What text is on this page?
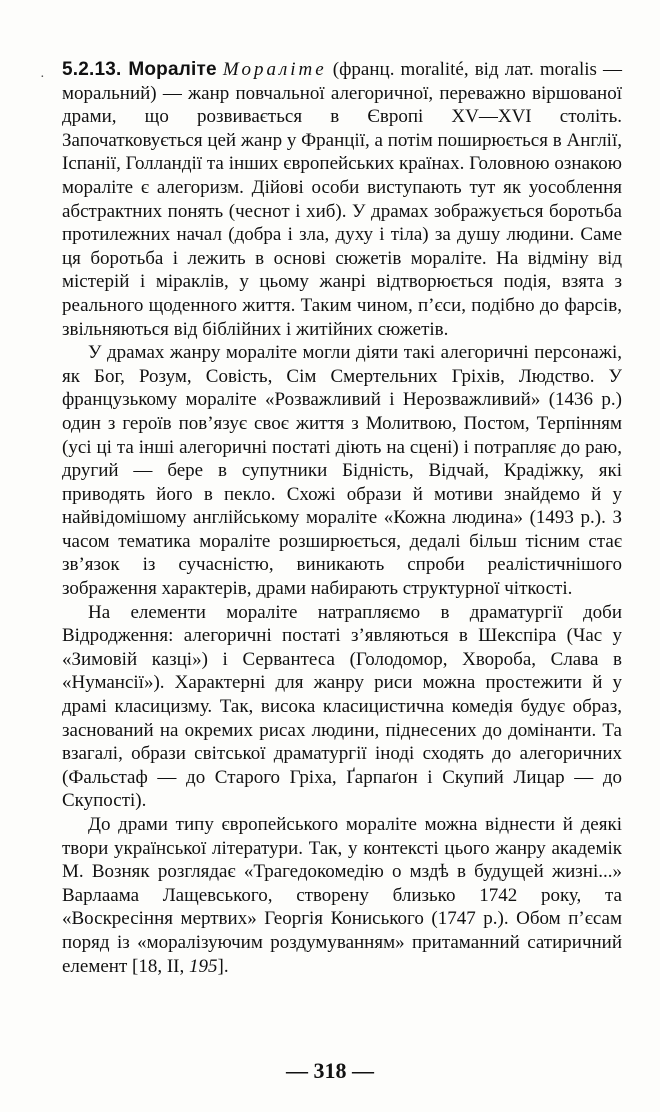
· 5.2.13. Мораліте Мораліте (франц. moralité, від лат. moralis — моральний) — жанр повчальної алегоричної, переважно віршованої драми, що розвивається в Європі XV—XVI століть. Започатковується цей жанр у Франції, а потім поширюється в Англії, Іспанії, Голландії та інших європейських країнах. Головною ознакою мораліте є алегоризм. Дійові особи виступають тут як уособлення абстрактних понять (чеснот і хиб). У драмах зображується боротьба протилежних начал (добра і зла, духу і тіла) за душу людини. Саме ця боротьба і лежить в основі сюжетів мораліте. На відміну від містерій і міраклів, у цьому жанрі відтворюється подія, взята з реального щоденного життя. Таким чином, п’єси, подібно до фарсів, звільняються від біблійних і житійних сюжетів.

У драмах жанру мораліте могли діяти такі алегоричні персонажі, як Бог, Розум, Совість, Сім Смертельних Гріхів, Людство. У французькому мораліте «Розважливий і Нерозважливий» (1436 р.) один з героїв пов’язує своє життя з Молитвою, Постом, Терпінням (усі ці та інші алегоричні постаті діють на сцені) і потрапляє до раю, другий — бере в супутники Бідність, Відчай, Крадіжку, які приводять його в пекло. Схожі образи й мотиви знайдемо й у найвідомішому англійському мораліте «Кожна людина» (1493 р.). З часом тематика мораліте розширюється, дедалі більш тісним стає зв’язок із сучасністю, виникають спроби реалістичнішого зображення характерів, драми набирають структурної чіткості.

На елементи мораліте натрапляємо в драматургії доби Відродження: алегоричні постаті з’являються в Шекспіра (Час у «Зимовій казці») і Сервантеса (Голодомор, Хвороба, Слава в «Нумансії»). Характерні для жанру риси можна простежити й у драмі класицизму. Так, висока класицистична комедія будує образ, заснований на окремих рисах людини, піднесених до домінанти. Та взагалі, образи світської драматургії іноді сходять до алегоричних (Фальстаф — до Старого Гріха, Ґарпаґон і Скупий Лицар — до Скупості).

До драми типу європейського мораліте можна віднести й деякі твори української літератури. Так, у контексті цього жанру академік М. Возняк розглядає «Трагедокомедію о мздѣ в будущей жизні...» Варлаама Лащевського, створену близько 1742 року, та «Воскресіння мертвих» Георгія Кониського (1747 р.). Обом п’єсам поряд із «моралізуючим роздумуванням» притаманний сатиричний елемент [18, II, 195].

— 318 —
